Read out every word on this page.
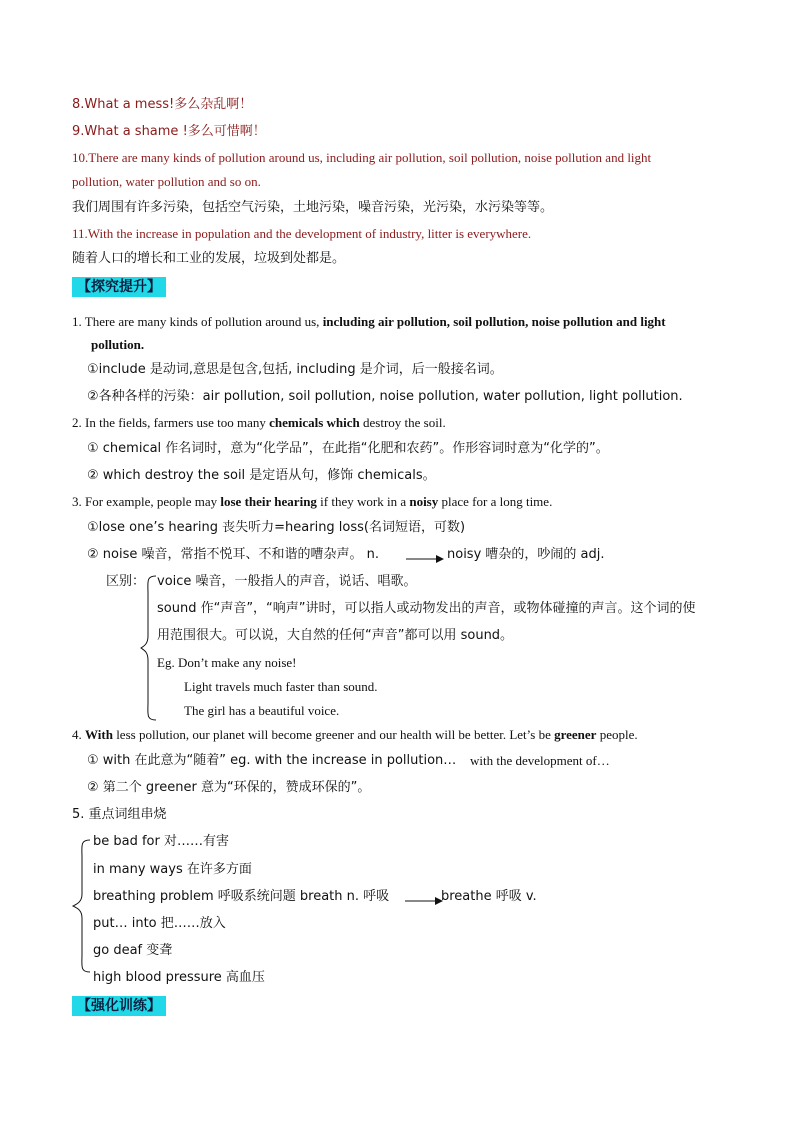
8.What a mess!多么杂乱啊！
9.What a shame !多么可惜啊！
10.There are many kinds of pollution around us, including air pollution, soil pollution, noise pollution and light
pollution, water pollution and so on.
我们周围有许多污染，包括空气污染，土地污染，噪音污染，光污染，水污染等等。
11.With the increase in population and the development of industry, litter is everywhere.
随着人口的增长和工业的发展，垃圾到处都是。
【探究提升】
1. There are many kinds of pollution around us, including air pollution, soil pollution, noise pollution and light
pollution.
①include 是动词,意思是包含,包括, including 是介词，后一般接名词。
②各种各样的污染：air pollution, soil pollution, noise pollution, water pollution, light pollution.
2. In the fields, farmers use too many chemicals which destroy the soil.
① chemical 作名词时，意为“化学品”，在此指“化肥和农药”。作形容词时意为“化学的”。
② which destroy the soil 是定语从句，修饰 chemicals。
3. For example, people may lose their hearing if they work in a noisy place for a long time.
①lose one’s hearing 丧失听力=hearing loss(名词短语，可数)
② noise 噪音，常指不悦耳、不和谐的嘈杂声。 n.	noisy 嘈杂的，吵闹的 adj.
区别： voice 噪音，一般指人的声音，说话、唱歌。
sound 作“声音”，“响声”讲时，可以指人或动物发出的声音，或物体碰撞的声言。这个词的使
用范围很大。可以说，大自然的任何“声音”都可以用 sound。
Eg. Don’t make any noise!
Light travels much faster than sound.
The girl has a beautiful voice.
4. With less pollution, our planet will become greener and our health will be better. Let’s be greener people.
① with 在此意为“随着” eg. with the increase in pollution… with the development of…
② 第二个 greener 意为“环保的，赞成环保的”。
5. 重点词组串烧
be bad for 对……有害
in many ways 在许多方面
breathing problem 呼吸系统问题 breath n. 呼吸	breathe 呼吸 v.
put… into 把……放入
go deaf 变聋
high blood pressure 高血压
【强化训练】
